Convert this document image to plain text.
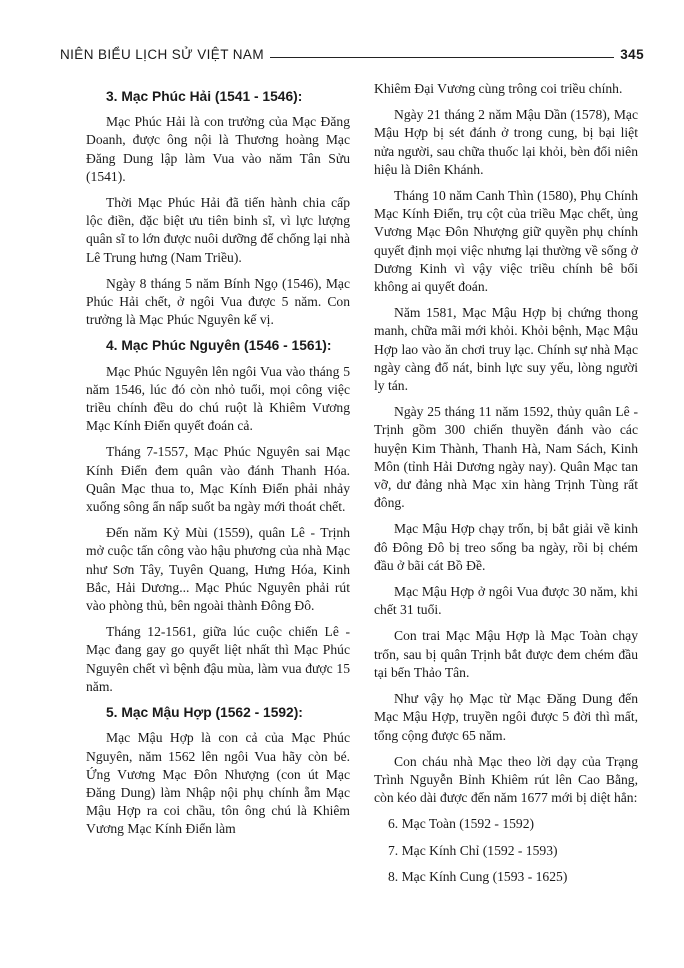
NIÊN BIỂU LỊCH SỬ VIỆT NAM	345
3. Mạc Phúc Hải (1541 - 1546):

Mạc Phúc Hải là con trưởng của Mạc Đăng Doanh, được ông nội là Thương hoàng Mạc Đăng Dung lập làm Vua vào năm Tân Sửu (1541).

Thời Mạc Phúc Hải đã tiến hành chia cấp lộc điền, đặc biệt ưu tiên binh sĩ, vì lực lượng quân sĩ to lớn được nuôi dưỡng để chống lại nhà Lê Trung hưng (Nam Triều).

Ngày 8 tháng 5 năm Bính Ngọ (1546), Mạc Phúc Hải chết, ở ngôi Vua được 5 năm. Con trưởng là Mạc Phúc Nguyên kế vị.

4. Mạc Phúc Nguyên (1546 - 1561):

Mạc Phúc Nguyên lên ngôi Vua vào tháng 5 năm 1546, lúc đó còn nhỏ tuổi, mọi công việc triều chính đều do chú ruột là Khiêm Vương Mạc Kính Điển quyết đoán cả.

Tháng 7-1557, Mạc Phúc Nguyên sai Mạc Kính Điển đem quân vào đánh Thanh Hóa. Quân Mạc thua to, Mạc Kính Điển phải nhảy xuống sông ẩn nấp suốt ba ngày mới thoát chết.

Đến năm Kỷ Mùi (1559), quân Lê - Trịnh mở cuộc tấn công vào hậu phương của nhà Mạc như Sơn Tây, Tuyên Quang, Hưng Hóa, Kinh Bắc, Hải Dương... Mạc Phúc Nguyên phải rút vào phòng thủ, bên ngoài thành Đông Đô.

Tháng 12-1561, giữa lúc cuộc chiến Lê - Mạc đang gay go quyết liệt nhất thì Mạc Phúc Nguyên chết vì bệnh đậu mùa, làm vua được 15 năm.

5. Mạc Mậu Hợp (1562 - 1592):

Mạc Mậu Hợp là con cả của Mạc Phúc Nguyên, năm 1562 lên ngôi Vua hãy còn bé. Ứng Vương Mạc Đôn Nhượng (con út Mạc Đăng Dung) làm Nhập nội phụ chính ẵm Mạc Mậu Hợp ra coi chầu, tôn ông chú là Khiêm Vương Mạc Kính Điển làm

Khiêm Đại Vương cùng trông coi triều chính.

Ngày 21 tháng 2 năm Mậu Dần (1578), Mạc Mậu Hợp bị sét đánh ở trong cung, bị bại liệt nửa người, sau chữa thuốc lại khỏi, bèn đổi niên hiệu là Diên Khánh.

Tháng 10 năm Canh Thìn (1580), Phụ Chính Mạc Kính Điển, trụ cột của triều Mạc chết, ủng Vương Mạc Đôn Nhượng giữ quyền phụ chính quyết định mọi việc nhưng lại thường về sống ở Dương Kinh vì vậy việc triều chính bê bối không ai quyết đoán.

Năm 1581, Mạc Mậu Hợp bị chứng thong manh, chữa mãi mới khỏi. Khỏi bệnh, Mạc Mậu Hợp lao vào ăn chơi truy lạc. Chính sự nhà Mạc ngày càng đổ nát, binh lực suy yếu, lòng người ly tán.

Ngày 25 tháng 11 năm 1592, thủy quân Lê - Trịnh gồm 300 chiến thuyền đánh vào các huyện Kim Thành, Thanh Hà, Nam Sách, Kinh Môn (tỉnh Hải Dương ngày nay). Quân Mạc tan vỡ, dư đảng nhà Mạc xin hàng Trịnh Tùng rất đông.

Mạc Mậu Hợp chạy trốn, bị bắt giải về kinh đô Đông Đô bị treo sống ba ngày, rồi bị chém đầu ở bãi cát Bồ Đề.

Mạc Mậu Hợp ở ngôi Vua được 30 năm, khi chết 31 tuổi.

Con trai Mạc Mậu Hợp là Mạc Toàn chạy trốn, sau bị quân Trịnh bắt được đem chém đầu tại bến Thảo Tân.

Như vậy họ Mạc từ Mạc Đăng Dung đến Mạc Mậu Hợp, truyền ngôi được 5 đời thì mất, tổng cộng được 65 năm.

Con cháu nhà Mạc theo lời dạy của Trạng Trình Nguyễn Bỉnh Khiêm rút lên Cao Bằng, còn kéo dài được đến năm 1677 mới bị diệt hẳn:

6. Mạc Toàn (1592 - 1592)

7. Mạc Kính Chỉ (1592 - 1593)

8. Mạc Kính Cung (1593 - 1625)
